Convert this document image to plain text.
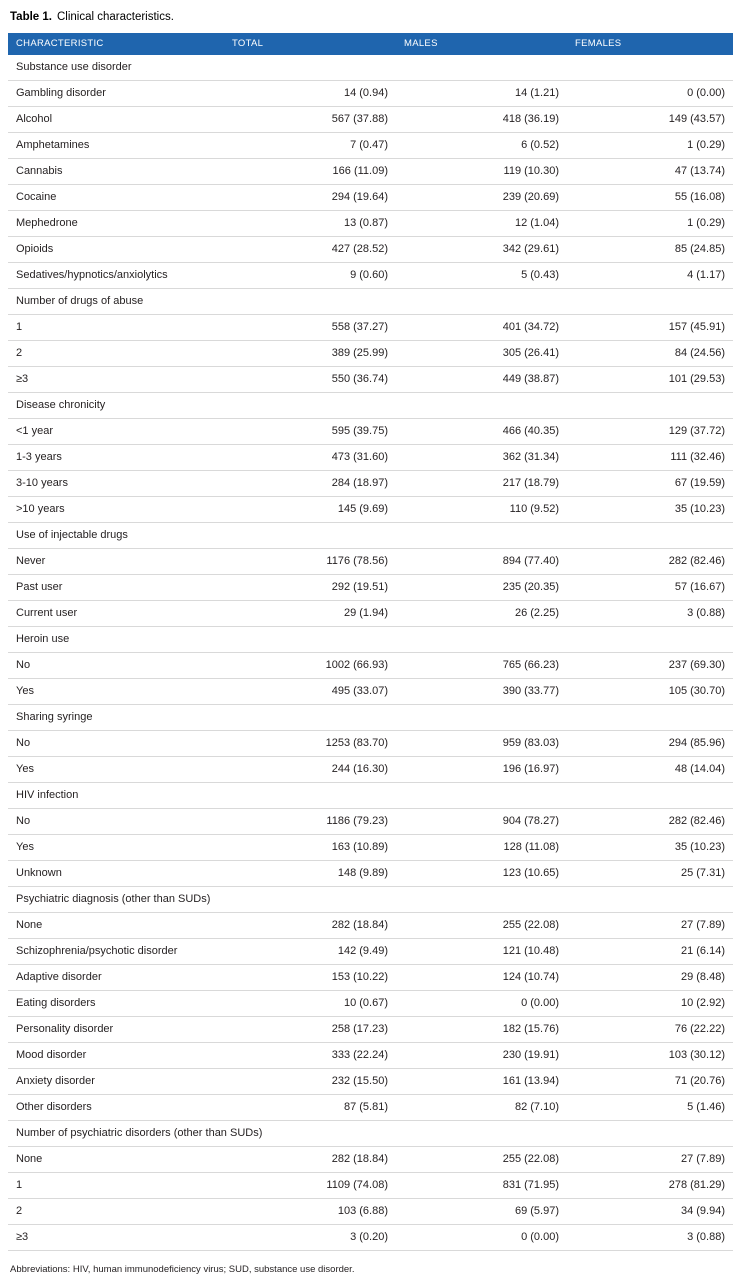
Table 1. Clinical characteristics.
CHARACTERISTIC	TOTAL	MALES	FEMALES
Substance use disorder			
Gambling disorder	14 (0.94)	14 (1.21)	0 (0.00)
Alcohol	567 (37.88)	418 (36.19)	149 (43.57)
Amphetamines	7 (0.47)	6 (0.52)	1 (0.29)
Cannabis	166 (11.09)	119 (10.30)	47 (13.74)
Cocaine	294 (19.64)	239 (20.69)	55 (16.08)
Mephedrone	13 (0.87)	12 (1.04)	1 (0.29)
Opioids	427 (28.52)	342 (29.61)	85 (24.85)
Sedatives/hypnotics/anxiolytics	9 (0.60)	5 (0.43)	4 (1.17)
Number of drugs of abuse			
1	558 (37.27)	401 (34.72)	157 (45.91)
2	389 (25.99)	305 (26.41)	84 (24.56)
≥3	550 (36.74)	449 (38.87)	101 (29.53)
Disease chronicity			
<1 year	595 (39.75)	466 (40.35)	129 (37.72)
1-3 years	473 (31.60)	362 (31.34)	111 (32.46)
3-10 years	284 (18.97)	217 (18.79)	67 (19.59)
>10 years	145 (9.69)	110 (9.52)	35 (10.23)
Use of injectable drugs			
Never	1176 (78.56)	894 (77.40)	282 (82.46)
Past user	292 (19.51)	235 (20.35)	57 (16.67)
Current user	29 (1.94)	26 (2.25)	3 (0.88)
Heroin use			
No	1002 (66.93)	765 (66.23)	237 (69.30)
Yes	495 (33.07)	390 (33.77)	105 (30.70)
Sharing syringe			
No	1253 (83.70)	959 (83.03)	294 (85.96)
Yes	244 (16.30)	196 (16.97)	48 (14.04)
HIV infection			
No	1186 (79.23)	904 (78.27)	282 (82.46)
Yes	163 (10.89)	128 (11.08)	35 (10.23)
Unknown	148 (9.89)	123 (10.65)	25 (7.31)
Psychiatric diagnosis (other than SUDs)			
None	282 (18.84)	255 (22.08)	27 (7.89)
Schizophrenia/psychotic disorder	142 (9.49)	121 (10.48)	21 (6.14)
Adaptive disorder	153 (10.22)	124 (10.74)	29 (8.48)
Eating disorders	10 (0.67)	0 (0.00)	10 (2.92)
Personality disorder	258 (17.23)	182 (15.76)	76 (22.22)
Mood disorder	333 (22.24)	230 (19.91)	103 (30.12)
Anxiety disorder	232 (15.50)	161 (13.94)	71 (20.76)
Other disorders	87 (5.81)	82 (7.10)	5 (1.46)
Number of psychiatric disorders (other than SUDs)			
None	282 (18.84)	255 (22.08)	27 (7.89)
1	1109 (74.08)	831 (71.95)	278 (81.29)
2	103 (6.88)	69 (5.97)	34 (9.94)
≥3	3 (0.20)	0 (0.00)	3 (0.88)
Abbreviations: HIV, human immunodeficiency virus; SUD, substance use disorder.
